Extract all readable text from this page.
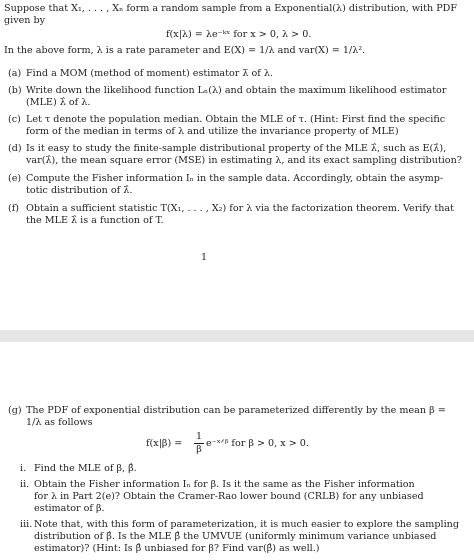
Suppose that X₁, . . . , Xₙ form a random sample from a Exponential(λ) distribution, with PDF
given by
f(x|λ) = λe⁻ᵏˣ for x > 0, λ > 0.
In the above form, λ is a rate parameter and E(X) = 1/λ and var(X) = 1/λ².
(a) Find a MOM (method of moment) estimator λ̃ of λ.
(b) Write down the likelihood function Lₙ(λ) and obtain the maximum likelihood estimator
(MLE) λ̂ of λ.
(c) Let τ denote the population median. Obtain the MLE of τ. (Hint: First find the specific
form of the median in terms of λ and utilize the invariance property of MLE)
(d) Is it easy to study the finite-sample distributional property of the MLE λ̂, such as E(λ̂),
var(λ̂), the mean square error (MSE) in estimating λ, and its exact sampling distribution?
(e) Compute the Fisher information Iₙ in the sample data. Accordingly, obtain the asymp-
totic distribution of λ̂.
(f) Obtain a sufficient statistic T(X₁, . . . , X₂) for λ via the factorization theorem. Verify that
the MLE λ̂ is a function of T.
1
(g) The PDF of exponential distribution can be parameterized differently by the mean β =
1/λ as follows
f(x|β) =
1
β
e⁻ˣᐟᵝ for β > 0, x > 0.
i. Find the MLE of β, β̂.
ii. Obtain the Fisher information Iₙ for β. Is it the same as the Fisher information
for λ in Part 2(e)? Obtain the Cramer-Rao lower bound (CRLB) for any unbiased
estimator of β.
iii. Note that, with this form of parameterization, it is much easier to explore the sampling
distribution of β̂. Is the MLE β̂ the UMVUE (uniformly minimum variance unbiased
estimator)? (Hint: Is β̂ unbiased for β? Find var(β̂) as well.)
